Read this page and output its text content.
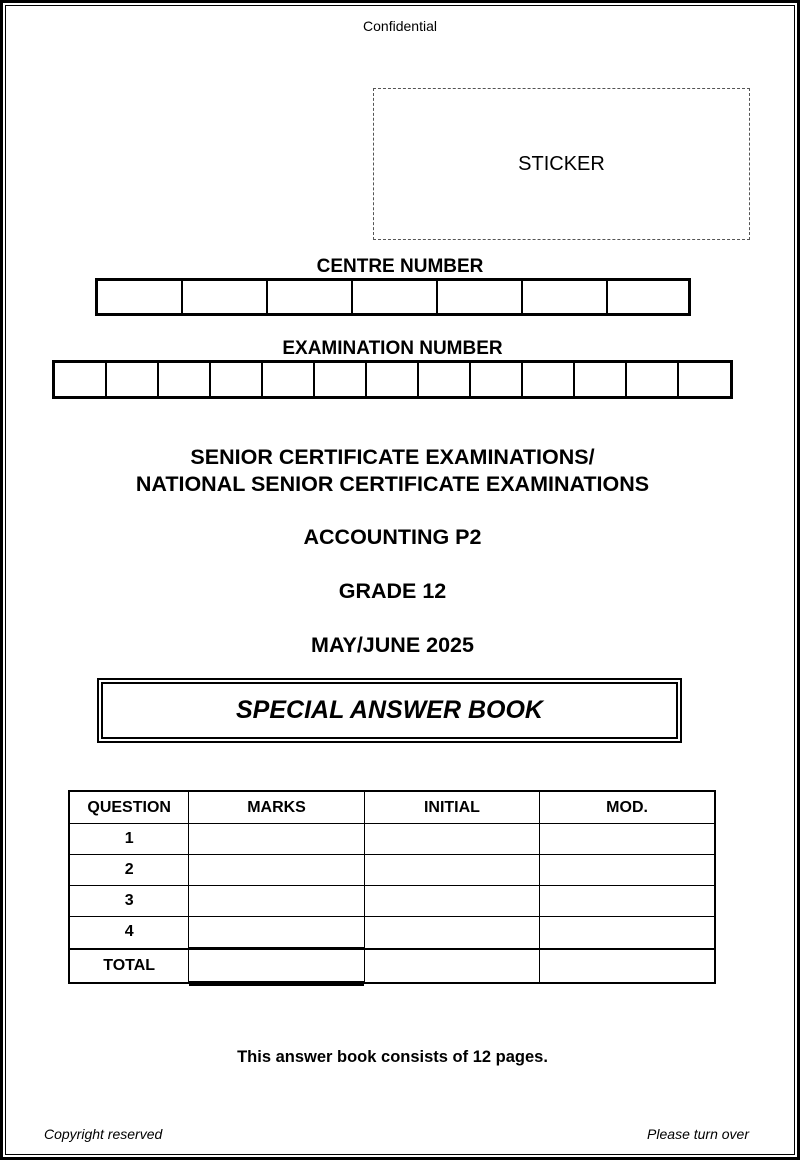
Confidential
STICKER
CENTRE NUMBER
EXAMINATION NUMBER
SENIOR CERTIFICATE EXAMINATIONS/
NATIONAL SENIOR CERTIFICATE EXAMINATIONS
ACCOUNTING P2
GRADE 12
MAY/JUNE 2025
SPECIAL ANSWER BOOK
QUESTION	MARKS	INITIAL	MOD.
1			
2			
3			
4			
TOTAL			
This answer book consists of 12 pages.
Copyright reserved	Please turn over
